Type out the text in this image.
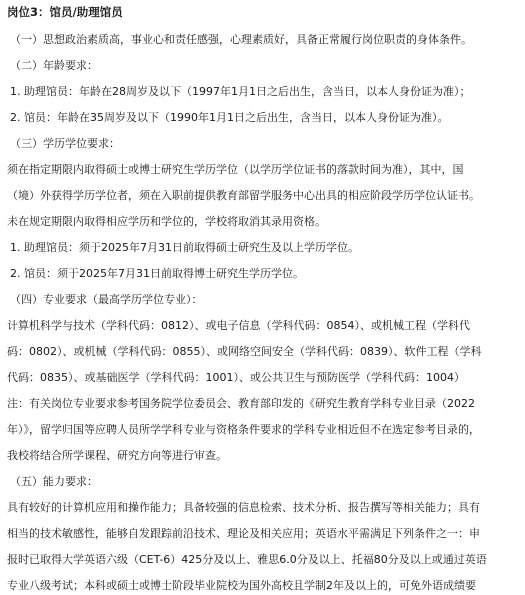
岗位3：馆员/助理馆员
（一）思想政治素质高，事业心和责任感强，心理素质好，具备正常履行岗位职责的身体条件。
（二）年龄要求：
1. 助理馆员：年龄在28周岁及以下（1997年1月1日之后出生，含当日，以本人身份证为准）；
2. 馆员：年龄在35周岁及以下（1990年1月1日之后出生，含当日，以本人身份证为准）。
（三）学历学位要求：
须在指定期限内取得硕士或博士研究生学历学位（以学历学位证书的落款时间为准），其中，国
（境）外获得学历学位者，须在入职前提供教育部留学服务中心出具的相应阶段学历学位认证书。
未在规定期限内取得相应学历和学位的，学校将取消其录用资格。
1. 助理馆员：须于2025年7月31日前取得硕士研究生及以上学历学位。
2. 馆员：须于2025年7月31日前取得博士研究生学历学位。
（四）专业要求（最高学历学位专业）：
计算机科学与技术（学科代码：0812）、或电子信息（学科代码：0854）、或机械工程（学科代
码：0802）、或机械（学科代码：0855）、或网络空间安全（学科代码：0839）、软件工程（学科
代码：0835）、或基础医学（学科代码：1001）、或公共卫生与预防医学（学科代码：1004）
注：有关岗位专业要求参考国务院学位委员会、教育部印发的《研究生教育学科专业目录（2022
年）》，留学归国等应聘人员所学学科专业与资格条件要求的学科专业相近但不在选定参考目录的，
我校将结合所学课程、研究方向等进行审查。
（五）能力要求：
具有较好的计算机应用和操作能力；具备较强的信息检索、技术分析、报告撰写等相关能力；具有
相当的技术敏感性，能够自发跟踪前沿技术、理论及相关应用；英语水平需满足下列条件之一：申
报时已取得大学英语六级（CET-6）425分及以上、雅思6.0分及以上、托福80分及以上或通过英语
专业八级考试；本科或硕士或博士阶段毕业院校为国外高校且学制2年及以上的，可免外语成绩要
